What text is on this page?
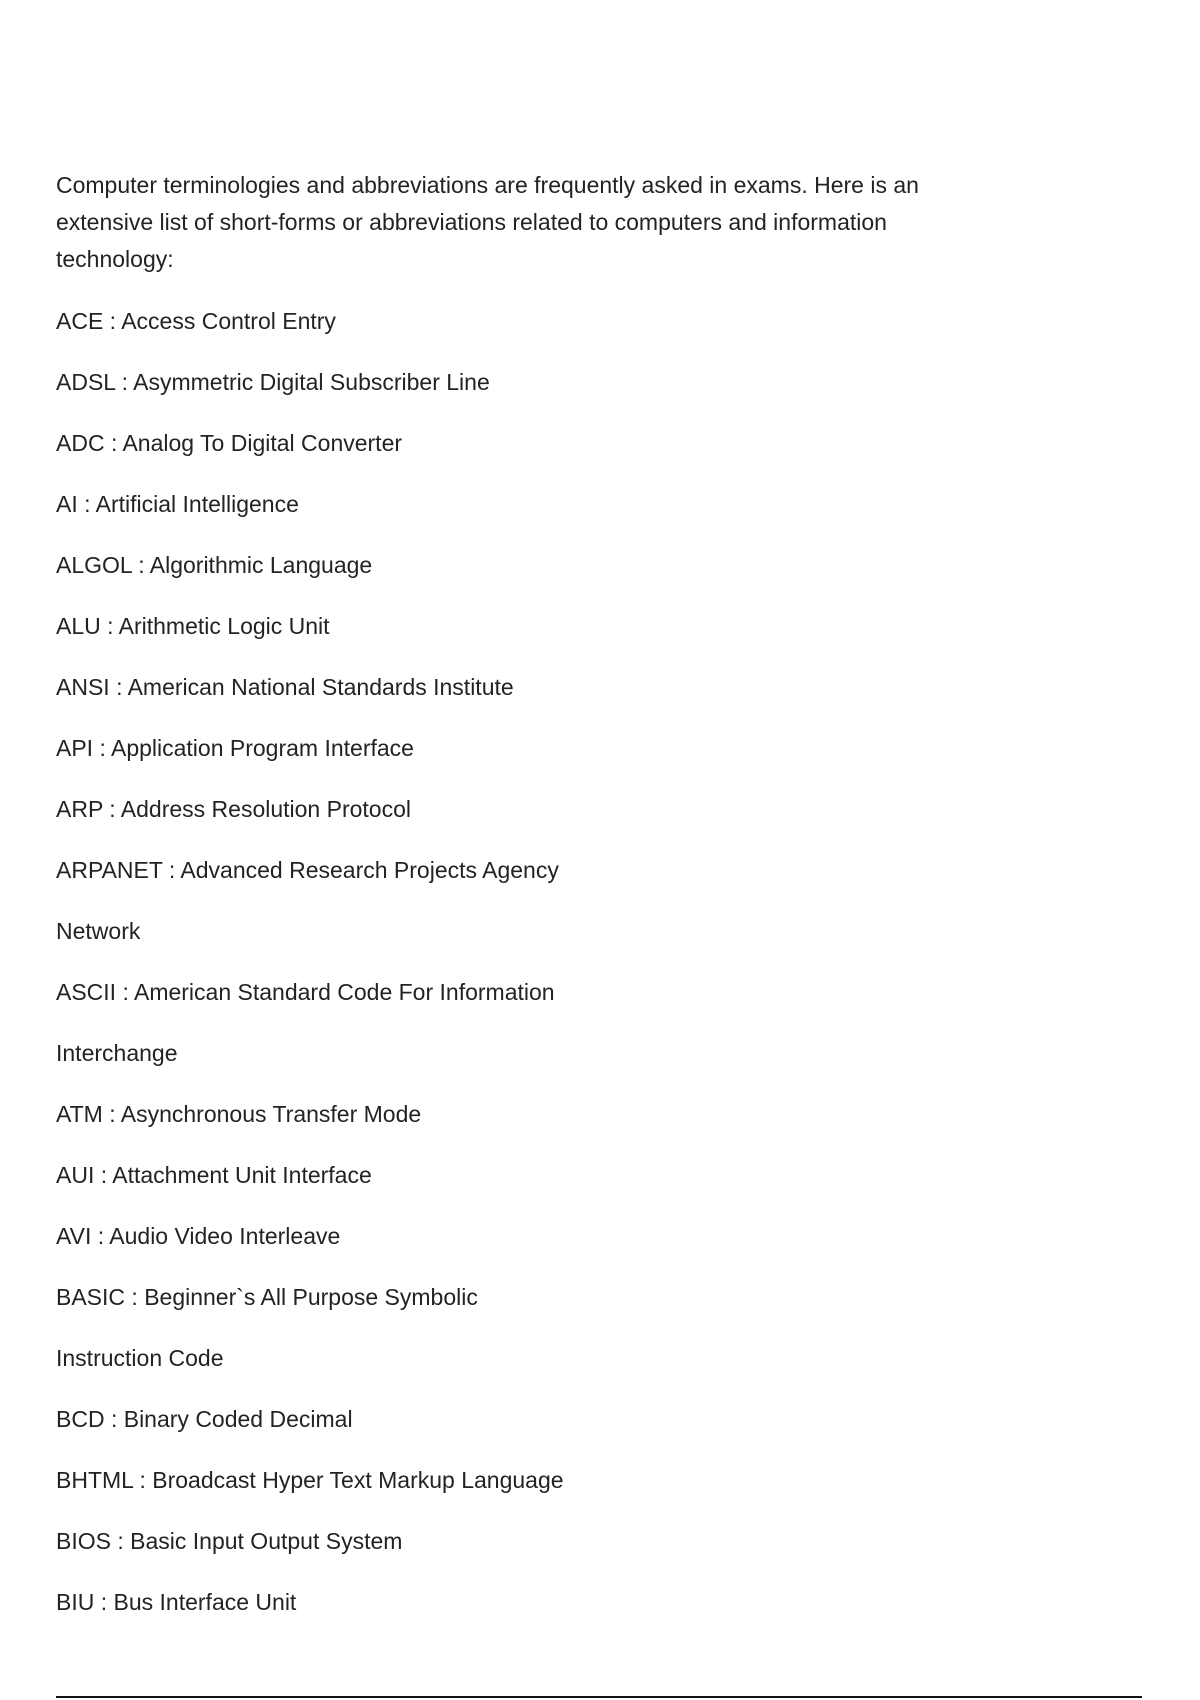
Computer terminologies and abbreviations are frequently asked in exams. Here is an
extensive list of short-forms or abbreviations related to computers and information
technology:
ACE : Access Control Entry
ADSL : Asymmetric Digital Subscriber Line
ADC : Analog To Digital Converter
AI : Artificial Intelligence
ALGOL : Algorithmic Language
ALU : Arithmetic Logic Unit
ANSI : American National Standards Institute
API : Application Program Interface
ARP : Address Resolution Protocol
ARPANET : Advanced Research Projects Agency
Network
ASCII : American Standard Code For Information
Interchange
ATM : Asynchronous Transfer Mode
AUI : Attachment Unit Interface
AVI : Audio Video Interleave
BASIC : Beginner`s All Purpose Symbolic
Instruction Code
BCD : Binary Coded Decimal
BHTML : Broadcast Hyper Text Markup Language
BIOS : Basic Input Output System
BIU : Bus Interface Unit
